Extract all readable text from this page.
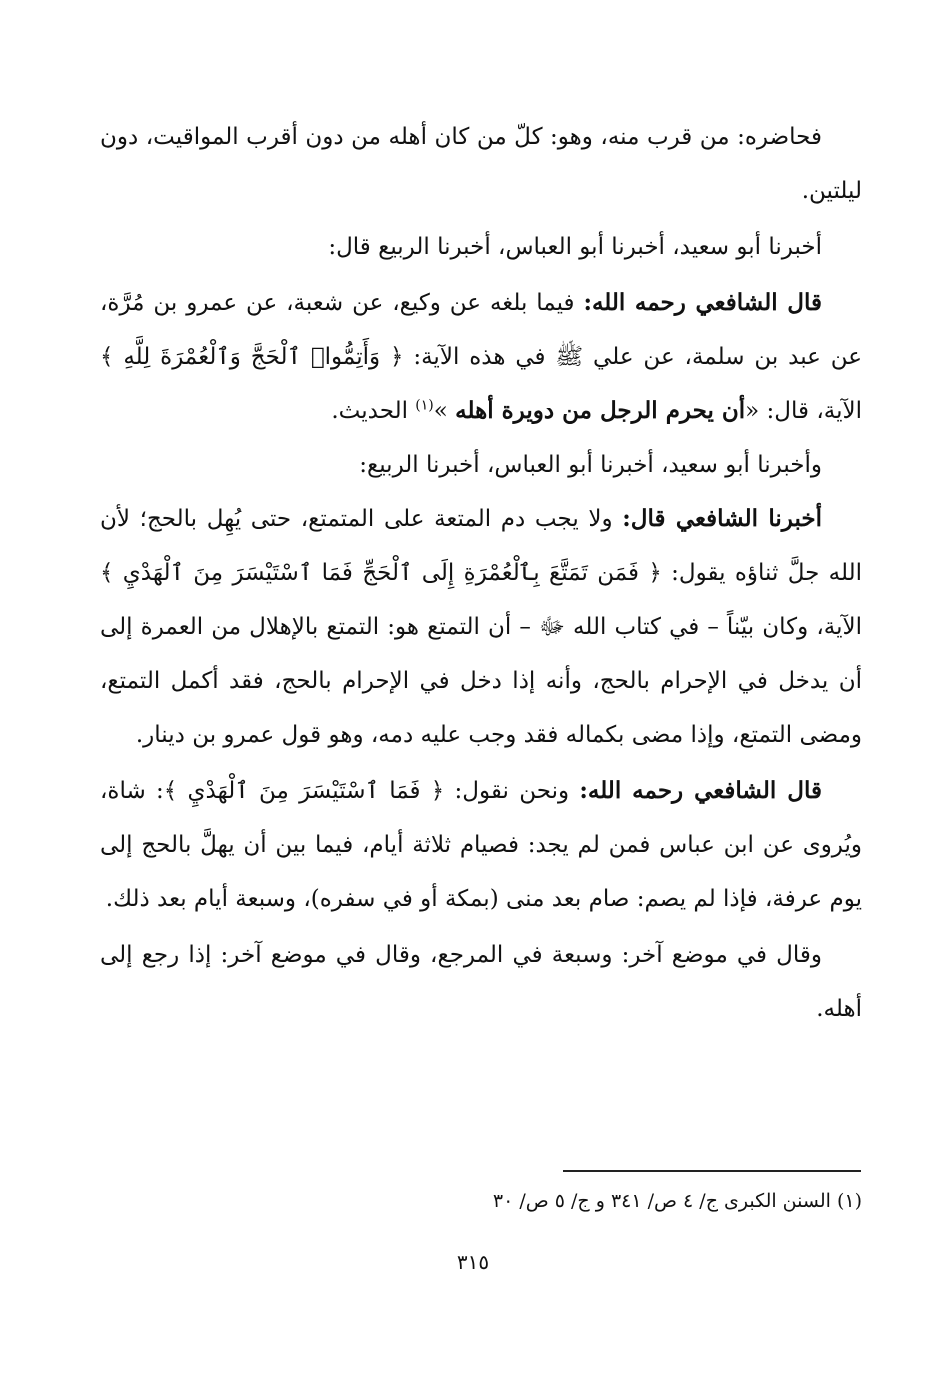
فحاضره: من قرب منه، وهو: كلّ من كان أهله من دون أقرب المواقيت، دون ليلتين.

أخبرنا أبو سعيد، أخبرنا أبو العباس، أخبرنا الربيع قال:

قال الشافعي رحمه الله: فيما بلغه عن وكيع، عن شعبة، عن عمرو بن مُرَّة، عن عبد بن سلمة، عن علي ﷺ في هذه الآية: ﴿ وَأَتِمُّوا۟ ٱلْحَجَّ وَٱلْعُمْرَةَ لِلَّهِ ﴾ الآية، قال: «أن يحرم الرجل من دويرة أهله »$^{(١)}$ الحديث.

وأخبرنا أبو سعيد، أخبرنا أبو العباس، أخبرنا الربيع:

أخبرنا الشافعي قال: ولا يجب دم المتعة على المتمتع، حتى يُهِل بالحج؛ لأن الله جلَّ ثناؤه يقول: ﴿ فَمَن تَمَتَّعَ بِٱلْعُمْرَةِ إِلَى ٱلْحَجِّ فَمَا ٱسْتَيْسَرَ مِنَ ٱلْهَدْيِ ﴾ الآية، وكان بيّناً – في كتاب الله ﷻ – أن التمتع هو: التمتع بالإهلال من العمرة إلى أن يدخل في الإحرام بالحج، وأنه إذا دخل في الإحرام بالحج، فقد أكمل التمتع، ومضى التمتع، وإذا مضى بكماله فقد وجب عليه دمه، وهو قول عمرو بن دينار.

قال الشافعي رحمه الله: ونحن نقول: ﴿ فَمَا ٱسْتَيْسَرَ مِنَ ٱلْهَدْيِ ﴾: شاة، ويُروى عن ابن عباس فمن لم يجد: فصيام ثلاثة أيام، فيما بين أن يهلَّ بالحج إلى يوم عرفة، فإذا لم يصم: صام بعد منى (بمكة أو في سفره)، وسبعة أيام بعد ذلك.

وقال في موضع آخر: وسبعة في المرجع، وقال في موضع آخر: إذا رجع إلى أهله.

(١) السنن الكبرى ج/ ٤ ص/ ٣٤١ و ج/ ٥ ص/ ٣٠
٣١٥
